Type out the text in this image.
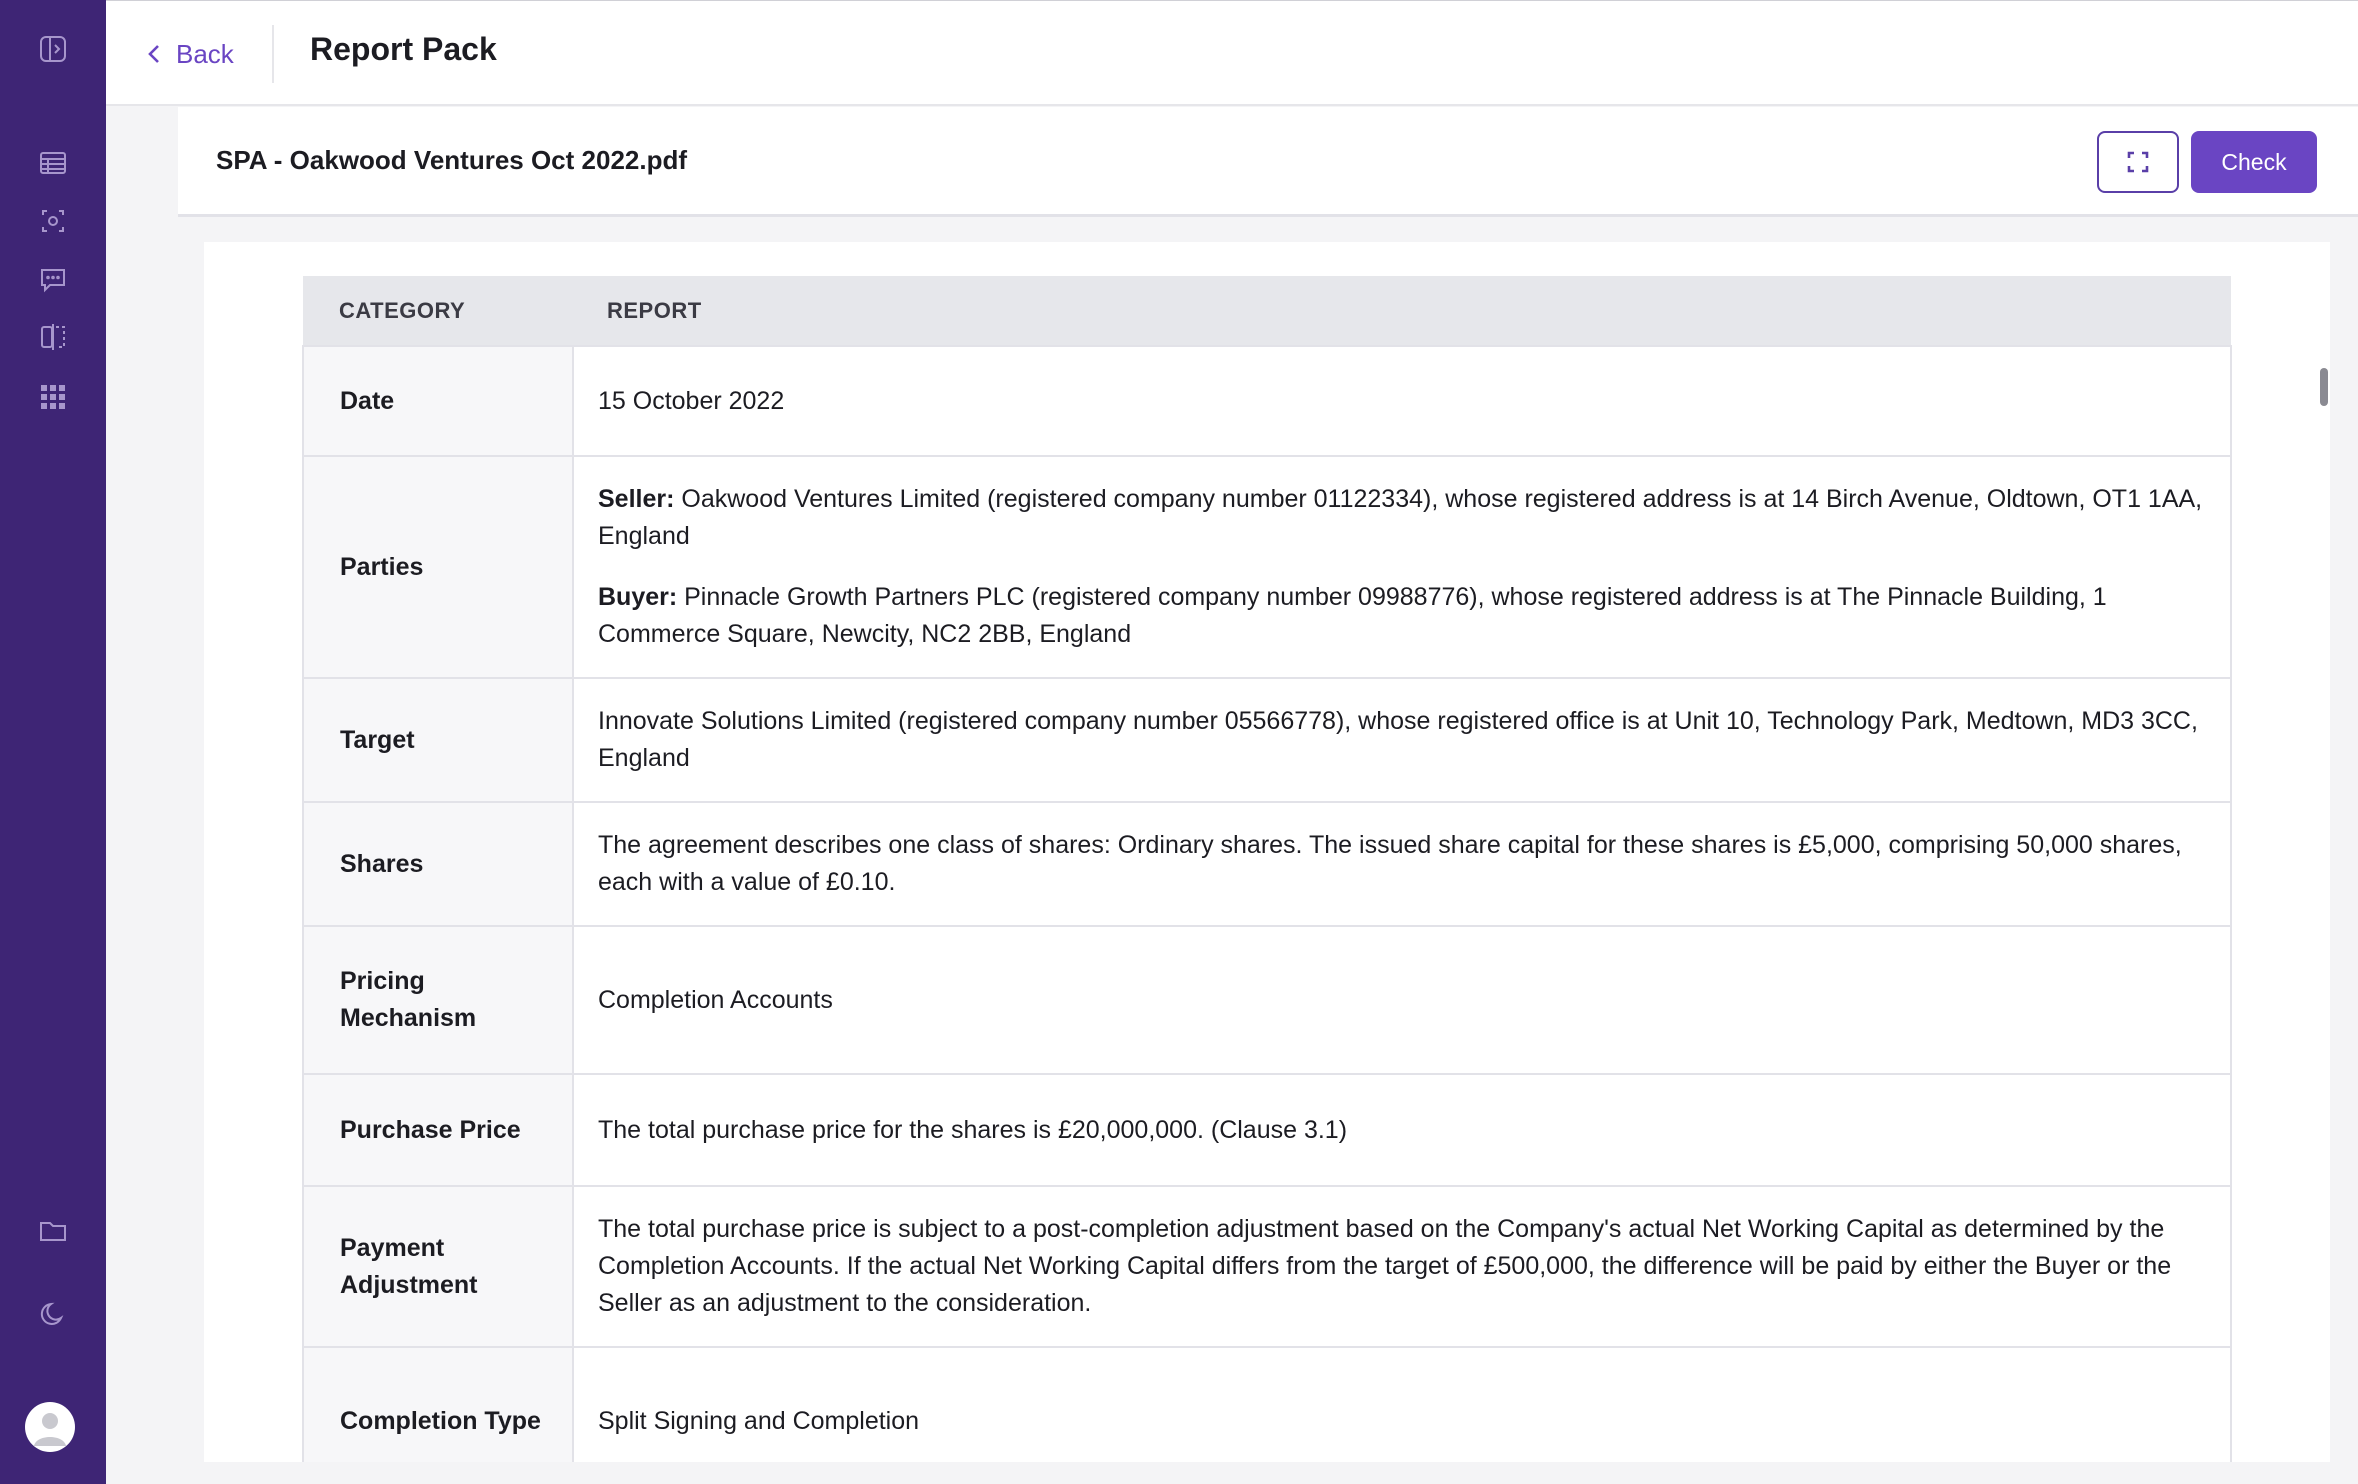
Back Report Pack
SPA - Oakwood Ventures Oct 2022.pdf	Check
CATEGORY	REPORT
Date	15 October 2022
Parties	Seller: Oakwood Ventures Limited (registered company number 01122334), whose registered address is at 14 Birch Avenue, Oldtown, OT1 1AA, England

Buyer: Pinnacle Growth Partners PLC (registered company number 09988776), whose registered address is at The Pinnacle Building, 1 Commerce Square, Newcity, NC2 2BB, England

Target	Innovate Solutions Limited (registered company number 05566778), whose registered office is at Unit 10, Technology Park, Medtown, MD3 3CC, England
Shares	The agreement describes one class of shares: Ordinary shares. The issued share capital for these shares is £5,000, comprising 50,000 shares, each with a value of £0.10.
Pricing Mechanism	Completion Accounts
Purchase Price	The total purchase price for the shares is £20,000,000. (Clause 3.1)
Payment Adjustment	The total purchase price is subject to a post-completion adjustment based on the Company's actual Net Working Capital as determined by the Completion Accounts. If the actual Net Working Capital differs from the target of £500,000, the difference will be paid by either the Buyer or the Seller as an adjustment to the consideration.
Completion Type	Split Signing and Completion
